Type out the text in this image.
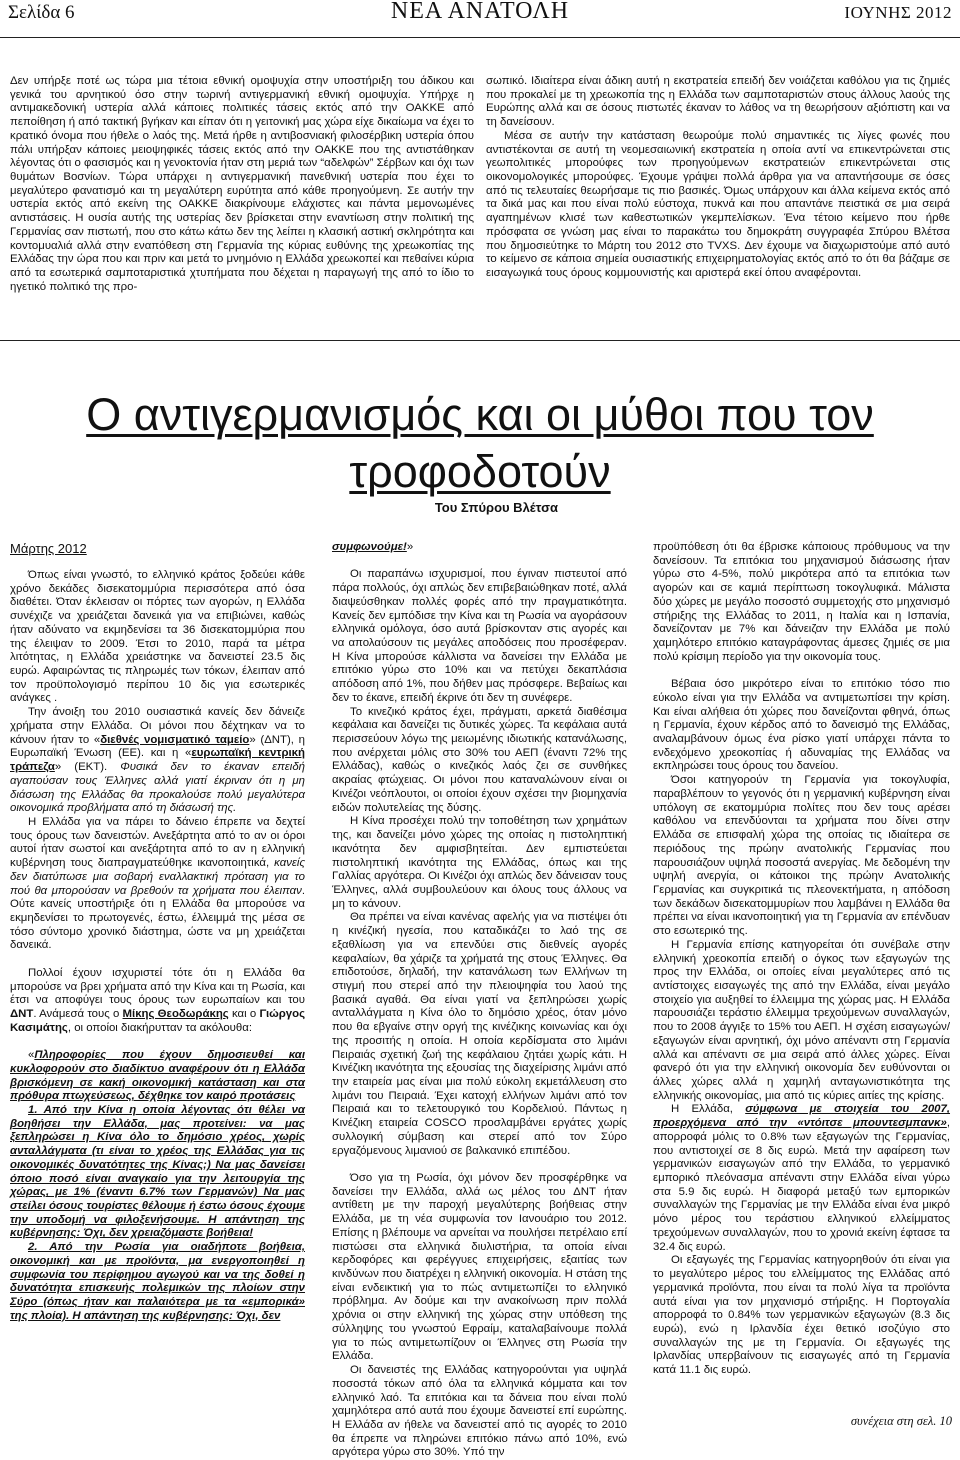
Σελίδα 6	ΝΕΑ ΑΝΑΤΟΛΗ	ΙΟΥΝΗΣ 2012

Δεν υπήρξε ποτέ ως τώρα μια τέτοια εθνική ομοψυχία στην υποστήριξη του άδικου και γενικά του αρνητικού όσο στην τωρινή αντιγερμανική εθνική ομοψυχία. Υπήρχε η αντιμακεδονική υστερία αλλά κάποιες πολιτικές τάσεις εκτός από την ΟΑΚΚΕ από πεποίθηση ή από τακτική βγήκαν και είπαν ότι η γειτονική μας χώρα είχε δικαίωμα να έχει το κρατικό όνομα που ήθελε ο λαός της. Μετά ήρθε η αντιβοσνιακή φιλοσέρβικη υστερία όπου πάλι υπήρξαν κάποιες μειοψηφικές τάσεις εκτός από την ΟΑΚΚΕ που της αντιστάθηκαν λέγοντας ότι ο φασισμός και η γενοκτονία ήταν στη μεριά των “αδελφών” Σέρβων και όχι των θυμάτων Βοσνίων. Τώρα υπάρχει η αντιγερμανική πανεθνική υστερία που έχει το μεγαλύτερο φανατισμό και τη μεγαλύτερη ευρύτητα από κάθε προηγούμενη. Σε αυτήν την υστερία εκτός από εκείνη της ΟΑΚΚΕ διακρίνουμε ελάχιστες και πάντα μεμονωμένες αντιστάσεις. Η ουσία αυτής της υστερίας δεν βρίσκεται στην εναντίωση στην πολιτική της Γερμανίας σαν πιστωτή, που στο κάτω κάτω δεν της λείπει η κλασική αστική σκληρότητα και κοντομυαλιά αλλά στην εναπόθεση στη Γερμανία της κύριας ευθύνης της χρεωκοπίας της Ελλάδας την ώρα που και πριν και μετά το μνημόνιο η Ελλάδα χρεωκοπεί και πεθαίνει κύρια από τα εσωτερικά σαμποταριστικά χτυπήματα που δέχεται η παραγωγή της από το ίδιο το ηγετικό πολιτικό της προ-

σωπικό. Ιδιαίτερα είναι άδικη αυτή η εκστρατεία επειδή δεν νοιάζεται καθόλου για τις ζημιές που προκαλεί με τη χρεωκοπία της η Ελλάδα των σαμποταριστών στους άλλους λαούς της Ευρώπης αλλά και σε όσους πιστωτές έκαναν το λάθος να τη θεωρήσουν αξιόπιστη και να τη δανείσουν.

Μέσα σε αυτήν την κατάσταση θεωρούμε πολύ σημαντικές τις λίγες φωνές που αντιστέκονται σε αυτή τη νεομεσαιωνική εκστρατεία η οποία αντί να επικεντρώνεται στις γεωπολιτικές μπορούφες των προηγούμενων εκστρατειών επικεντρώνεται στις οικονομολογικές μπορούφες. Έχουμε γράψει πολλά άρθρα για να απαντήσουμε σε όσες από τις τελευταίες θεωρήσαμε τις πιο βασικές. Όμως υπάρχουν και άλλα κείμενα εκτός από τα δικά μας και που είναι πολύ εύστοχα, πυκνά και που απαντάνε πειστικά σε μια σειρά αγαπημένων κλισέ των καθεστωτικών γκεμπελίσκων. Ένα τέτοιο κείμενο που ήρθε πρόσφατα σε γνώση μας είναι το παρακάτω του δημοκράτη συγγραφέα Σπύρου Βλέτσα που δημοσιεύτηκε το Μάρτη του 2012 στο TVXS. Δεν έχουμε να διαχωριστούμε από αυτό το κείμενο σε κάποια σημεία ουσιαστικής επιχειρηματολογίας εκτός από το ότι θα βάζαμε σε εισαγωγικά τους όρους κομμουνιστής και αριστερά εκεί όπου αναφέρονται.

Ο αντιγερμανισμός και οι μύθοι που τον τροφοδοτούν
Του Σπύρου Βλέτσα
Μάρτης 2012

Όπως είναι γνωστό, το ελληνικό κράτος ξοδεύει κάθε χρόνο δεκάδες δισεκατομμύρια περισσότερα από όσα διαθέτει. Όταν έκλεισαν οι πόρτες των αγορών, η Ελλάδα συνέχιζε να χρειάζεται δανεικά για να επιβιώνει, καθώς ήταν αδύνατο να εκμηδενίσει τα 36 δισεκατομμύρια που της έλειψαν το 2009. Έτσι το 2010, παρά τα μέτρα λιτότητας, η Ελλάδα χρειάστηκε να δανειστεί 23.5 δις ευρώ. Αφαιρώντας τις πληρωμές των τόκων, έλειπαν από τον προϋπολογισμό περίπου 10 δις για εσωτερικές ανάγκες .

Την άνοιξη του 2010 ουσιαστικά κανείς δεν δάνειζε χρήματα στην Ελλάδα. Οι μόνοι που δέχτηκαν να το κάνουν ήταν το «διεθνές νομισματικό ταμείο» (ΔΝΤ), η Ευρωπαϊκή Ένωση (ΕΕ). και η «ευρωπαϊκή κεντρική τράπεζα» (ΕΚΤ). Φυσικά δεν το έκαναν επειδή αγαπούσαν τους Έλληνες αλλά γιατί έκριναν ότι η μη διάσωση της Ελλάδας θα προκαλούσε πολύ μεγαλύτερα οικονομικά προβλήματα από τη διάσωσή της.

Η Ελλάδα για να πάρει το δάνειο έπρεπε να δεχτεί τους όρους των δανειστών. Ανεξάρτητα από το αν οι όροι αυτοί ήταν σωστοί και ανεξάρτητα από το αν η ελληνική κυβέρνηση τους διαπραγματεύθηκε ικανοποιητικά, κανείς δεν διατύπωσε μια σοβαρή εναλλακτική πρόταση για το πού θα μπορούσαν να βρεθούν τα χρήματα που έλειπαν. Ούτε κανείς υποστήριξε ότι η Ελλάδα θα μπορούσε να εκμηδενίσει το πρωτογενές, έστω, έλλειμμά της μέσα σε τόσο σύντομο χρονικό διάστημα, ώστε να μη χρειάζεται δανεικά.

Πολλοί έχουν ισχυριστεί τότε ότι η Ελλάδα θα μπορούσε να βρει χρήματα από την Κίνα και τη Ρωσία, και έτσι να αποφύγει τους όρους των ευρωπαίων και του ΔΝΤ. Ανάμεσά τους ο Μίκης Θεοδωράκης και ο Γιώργος Κασιμάτης, οι οποίοι διακήρυτταν τα ακόλουθα:

«Πληροφορίες που έχουν δημοσιευθεί και κυκλοφορούν στο διαδίκτυο αναφέρουν ότι η Ελλάδα βρισκόμενη σε κακή οικονομική κατάσταση και στα πρόθυρα πτωχεύσεως, δέχθηκε τον καιρό προτάσεις

1. Από την Κίνα η οποία λέγοντας ότι θέλει να βοηθήσει την Ελλάδα, μας προτείνει: να μας ξεπληρώσει η Κίνα όλο το δημόσιο χρέος, χωρίς ανταλλάγματα (τι είναι το χρέος της Ελλάδας για τις οικονομικές δυνατότητες της Κίνας;) Να μας δανείσει όποιο ποσό είναι αναγκαίο για την λειτουργία της χώρας, με 1% (έναντι 6.7% των Γερμανών) Να μας στείλει όσους τουρίστες θέλουμε ή έστω όσους έχουμε την υποδομή να φιλοξενήσουμε. Η απάντηση της κυβέρνησης: Όχι, δεν χρειαζόμαστε βοήθεια!

2. Από την Ρωσία για οιαδήποτε βοήθεια, οικονομική και με προϊόντα, μα ενεργοποιηθεί η συμφωνία του περίφημου αγωγού και να της δοθεί η δυνατότητα επισκευής πολεμικών της πλοίων στην Σύρο (όπως ήταν και παλαιότερα με τα «εμπορικά» της πλοία). Η απάντηση της κυβέρνησης: Όχι, δεν

συμφωνούμε!»

Οι παραπάνω ισχυρισμοί, που έγιναν πιστευτοί από πάρα πολλούς, όχι απλώς δεν επιβεβαιώθηκαν ποτέ, αλλά διαψεύσθηκαν πολλές φορές από την πραγματικότητα. Κανείς δεν εμπόδισε την Κίνα και τη Ρωσία να αγοράσουν ελληνικά ομόλογα, όσο αυτά βρίσκονταν στις αγορές και να απολαύσουν τις μεγάλες αποδόσεις που προσέφεραν. Η Κίνα μπορούσε κάλλιστα να δανείσει την Ελλάδα με επιτόκιο γύρω στο 10% και να πετύχει δεκαπλάσια απόδοση από 1%, που δήθεν μας πρόσφερε. Βεβαίως και δεν το έκανε, επειδή έκρινε ότι δεν τη συνέφερε.

Το κινεζικό κράτος έχει, πράγματι, αρκετά διαθέσιμα κεφάλαια και δανείζει τις δυτικές χώρες. Τα κεφάλαια αυτά περισσεύουν λόγω της μειωμένης ιδιωτικής κατανάλωσης, που ανέρχεται μόλις στο 30% του ΑΕΠ (έναντι 72% της Ελλάδας), καθώς ο κινεζικός λαός ζει σε συνθήκες ακραίας φτώχειας. Οι μόνοι που καταναλώνουν είναι οι Κινέζοι νεόπλουτοι, οι οποίοι έχουν σχέσει την βιομηχανία ειδών πολυτελείας της δύσης.

Η Κίνα προσέχει πολύ την τοποθέτηση των χρημάτων της, και δανείζει μόνο χώρες της οποίας η πιστοληπτική ικανότητα δεν αμφισβητείται. Δεν εμπιστεύεται πιστοληπτική ικανότητα της Ελλάδας, όπως και της Γαλλίας αργότερα. Οι Κινέζοι όχι απλώς δεν δάνεισαν τους Έλληνες, αλλά συμβουλεύουν και όλους τους άλλους να μη το κάνουν.

Θα πρέπει να είναι κανένας αφελής για να πιστέψει ότι η κινέζική ηγεσία, που καταδικάζει το λαό της σε εξαθλίωση για να επενδύει στις διεθνείς αγορές κεφαλαίων, θα χάριζε τα χρήματά της στους Έλληνες. Θα επιδοτούσε, δηλαδή, την κατανάλωση των Ελλήνων τη στιγμή που στερεί από την πλειοψηφία του λαού της βασικά αγαθά. Θα είναι γιατί να ξεπληρώσει χωρίς ανταλλάγματα η Κίνα όλο το δημόσιο χρέος, όταν μόνο που θα εβγαίνε στην οργή της κινέζικης κοινωνίας και όχι της προσιτής η οποία. Η οποία κερδίσματα στο λιμάνι Πειραιάς σχετική ζωή της κεφάλαιου ζητάει χωρίς κάτι. Η Κινέζικη ικανότητα της εξουσίας της διαχείρισης λιμάνι από την εταιρεία μας είναι μια πολύ εύκολη εκμετάλλευση στο λιμάνι του Πειραιά. Έχει κατοχή ελλήνων λιμάνι από τον Πειραιά και το τελετουργικό του Κορδελιού. Πάντως η Κινέζικη εταιρεία COSCO προσλαμβάνει εργάτες χωρίς συλλογική σύμβαση και στερεί από τον Σύρο εργαζόμενους λιμανιού σε βαλκανικό επιπέδου.

Όσο για τη Ρωσία, όχι μόνον δεν προσφέρθηκε να δανείσει την Ελλάδα, αλλά ως μέλος του ΔΝΤ ήταν αντίθετη με την παροχή μεγαλύτερης βοήθειας στην Ελλάδα, με τη νέα συμφωνία τον Ιανουάριο του 2012. Επίσης η βλέπουμε να αρνείται να πουλήσει πετρέλαιο επί πιστώσει στα ελληνικά διυλιστήρια, τα οποία είναι κερδοφόρες και φερέγγυες επιχειρήσεις, εξαιτίας των κινδύνων που διατρέχει η ελληνική οικονομία. Η στάση της είναι ενδεικτική για το πώς αντιμετωπίζει το ελληνικό πρόβλημα. Αν δούμε και την ανακοίνωση πριν πολλά χρόνια οι στην ελληνική της χώρας στην υπόθεση της σύλληψης του γνωστού Εφραίμ, καταλαβαίνουμε πολλά για το πώς αντιμετωπίζουν οι Έλληνες στη Ρωσία την Ελλάδα.

Οι δανειστές της Ελλάδας κατηγορούνται για υψηλά ποσοστά τόκων από όλα τα ελληνικά κόμματα και τον ελληνικό λαό. Τα επιτόκια και τα δάνεια που είναι πολύ χαμηλότερα από αυτά που έχουμε δανειστεί επί ευρώπης. Η Ελλάδα αν ήθελε να δανειστεί από τις αγορές το 2010 θα έπρεπε να πληρώνει επιτόκιο πάνω από 10%, ενώ αργότερα γύρω στο 30%. Υπό την

προϋπόθεση ότι θα έβρισκε κάποιους πρόθυμους να την δανείσουν. Τα επιτόκια του μηχανισμού διάσωσης ήταν γύρω στο 4-5%, πολύ μικρότερα από τα επιτόκια των αγορών και σε καμιά περίπτωση τοκογλυφικά. Μάλιστα δύο χώρες με μεγάλο ποσοστό συμμετοχής στο μηχανισμό στήριξης της Ελλάδας το 2011, η Ιταλία και η Ισπανία, δανείζονταν με 7% και δάνειζαν την Ελλάδα με πολύ χαμηλότερο επιτόκιο καταγράφοντας άμεσες ζημιές σε μια πολύ κρίσιμη περίοδο για την οικονομία τους.

Βέβαια όσο μικρότερο είναι το επιτόκιο τόσο πιο εύκολο είναι για την Ελλάδα να αντιμετωπίσει την κρίση. Και είναι αλήθεια ότι χώρες που δανείζονται φθηνά, όπως η Γερμανία, έχουν κέρδος από το δανεισμό της Ελλάδας, αναλαμβάνουν όμως ένα ρίσκο γιατί υπάρχει πάντα το ενδεχόμενο χρεοκοπίας ή αδυναμίας της Ελλάδας να εκπληρώσει τους όρους του δανείου.

Όσοι κατηγορούν τη Γερμανία για τοκογλυφία, παραβλέπουν το γεγονός ότι η γερμανική κυβέρνηση είναι υπόλογη σε εκατομμύρια πολίτες που δεν τους αρέσει καθόλου να επενδύονται τα χρήματα που δίνει στην Ελλάδα σε επισφαλή χώρα της οποίας τις ιδιαίτερα σε περιόδους της πρώην ανατολικής Γερμανίας που παρουσιάζουν υψηλά ποσοστά ανεργίας. Με δεδομένη την υψηλή ανεργία, οι κάτοικοι της πρώην Ανατολικής Γερμανίας και συγκριτικά τις πλεονεκτήματα, η απόδοση των δεκάδων δισεκατομμυρίων που λαμβάνει η Ελλάδα θα πρέπει να είναι ικανοποιητική για τη Γερμανία αν επένδυαν στο εσωτερικό της.

Η Γερμανία επίσης κατηγορείται ότι συνέβαλε στην ελληνική χρεοκοπία επειδή ο όγκος των εξαγωγών της προς την Ελλάδα, οι οποίες είναι μεγαλύτερες από τις αντίστοιχες εισαγωγές της από την Ελλάδα, είναι μεγάλο στοιχείο για αυξηθεί το έλλειμμα της χώρας μας. Η Ελλάδα παρουσιάζει τεράστιο έλλειμμα τρεχούμενων συναλλαγών, που το 2008 άγγιξε το 15% του ΑΕΠ. Η σχέση εισαγωγών/εξαγωγών είναι αρνητική, όχι μόνο απέναντι στη Γερμανία αλλά και απέναντι σε μια σειρά από άλλες χώρες. Είναι φανερό ότι για την ελληνική οικονομία δεν ευθύνονται οι άλλες χώρες αλλά η χαμηλή ανταγωνιστικότητα της ελληνικής οικονομίας, μια από τις κύριες αιτίες της κρίσης.

Η Ελλάδα, σύμφωνα με στοιχεία του 2007, προερχόμενα από την «ντόιτσε μπουντεσμπανκ», απορροφά μόλις το 0.8% των εξαγωγών της Γερμανίας, που αντιστοιχεί σε 8 δις ευρώ. Μετά την αφαίρεση των γερμανικών εισαγωγών από την Ελλάδα, το γερμανικό εμπορικό πλεόνασμα απέναντι στην Ελλάδα είναι γύρω στα 5.9 δις ευρώ. Η διαφορά μεταξύ των εμπορικών συναλλαγών της Γερμανίας με την Ελλάδα είναι ένα μικρό μόνο μέρος του τεράστιου ελληνικού ελλείμματος τρεχούμενων συναλλαγών, που το χρονιά εκείνη έφτασε τα 32.4 δις ευρώ.

Οι εξαγωγές της Γερμανίας κατηγορηθούν ότι είναι για το μεγαλύτερο μέρος του ελλείμματος της Ελλάδας από γερμανικά προϊόντα, που είναι τα πολύ λίγα τα προϊόντα αυτά είναι για τον μηχανισμό στήριξης. Η Πορτογαλία απορροφά το 0.84% των γερμανικών εξαγωγών (8.3 δις ευρώ), ενώ η Ιρλανδία έχει θετικό ισοζύγιο στο συναλλαγών της με τη Γερμανία. Οι εξαγωγές της Ιρλανδίας υπερβαίνουν τις εισαγωγές από τη Γερμανία κατά 11.1 δις ευρώ.

συνέχεια στη σελ. 10
